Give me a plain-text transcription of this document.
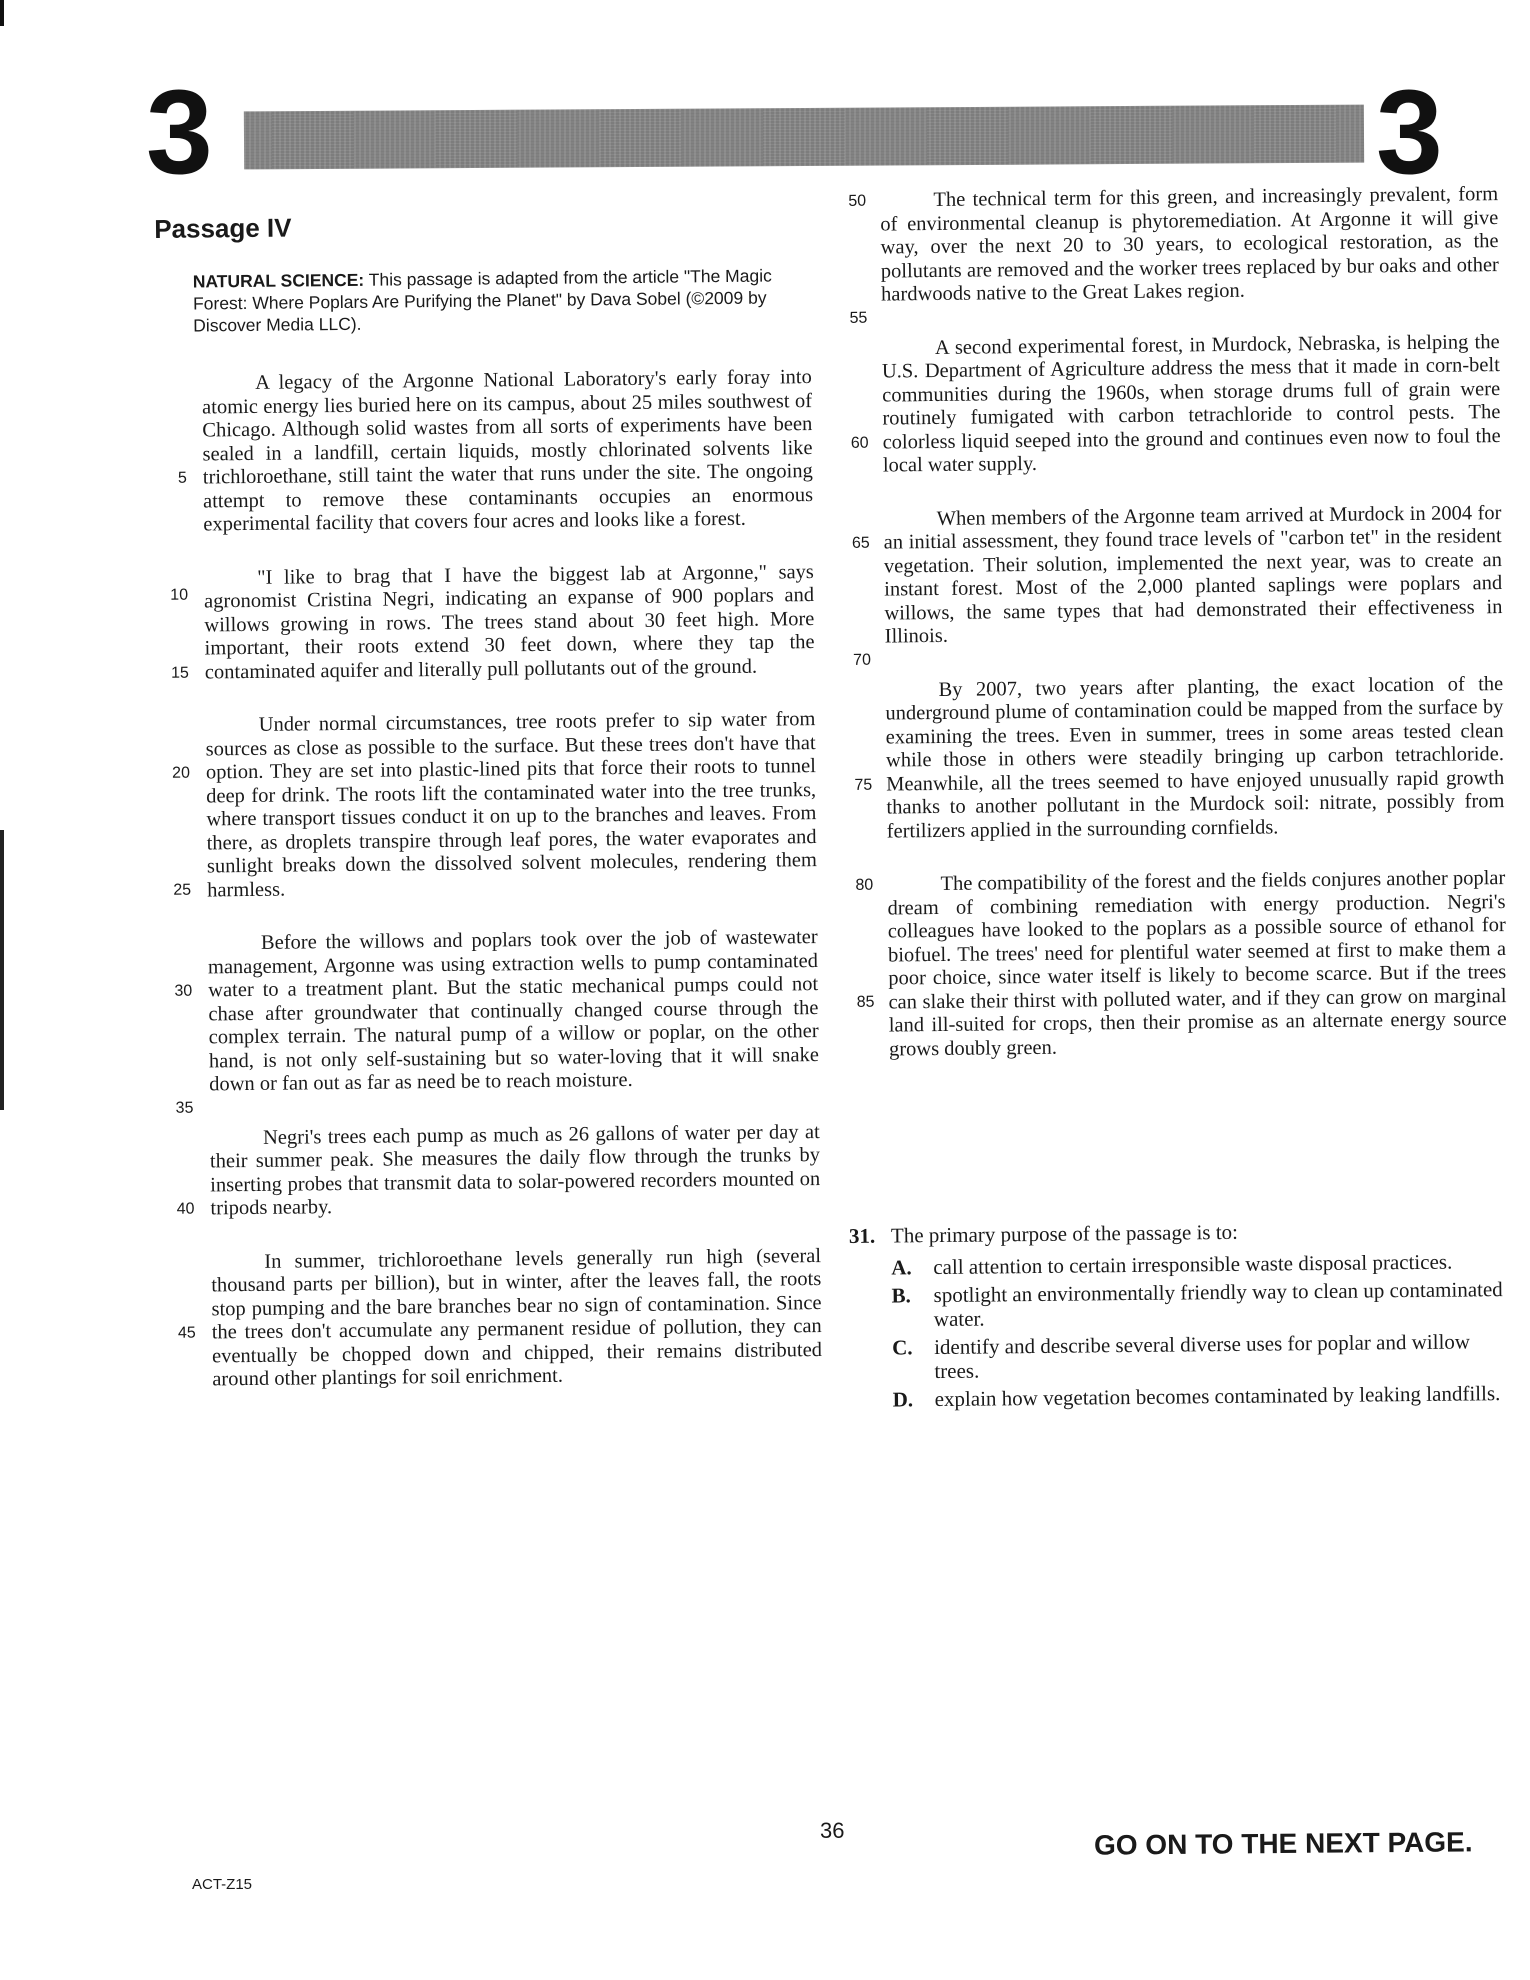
3	3
Passage IV
NATURAL SCIENCE: This passage is adapted from the article "The Magic Forest: Where Poplars Are Purifying the Planet" by Dava Sobel (©2009 by Discover Media LLC).
5
10
A legacy of the Argonne National Laboratory's early foray into atomic energy lies buried here on its campus, about 25 miles southwest of Chicago. Although solid wastes from all sorts of experiments have been sealed in a landfill, certain liquids, mostly chlorinated solvents like trichloroethane, still taint the water that runs under the site. The ongoing attempt to remove these contaminants occupies an enormous experimental facility that covers four acres and looks like a forest.
15
"I like to brag that I have the biggest lab at Argonne," says agronomist Cristina Negri, indicating an expanse of 900 poplars and willows growing in rows. The trees stand about 30 feet high. More important, their roots extend 30 feet down, where they tap the contaminated aquifer and literally pull pollutants out of the ground.
20
25
Under normal circumstances, tree roots prefer to sip water from sources as close as possible to the surface. But these trees don't have that option. They are set into plastic-lined pits that force their roots to tunnel deep for drink. The roots lift the contaminated water into the tree trunks, where transport tissues conduct it on up to the branches and leaves. From there, as droplets transpire through leaf pores, the water evaporates and sunlight breaks down the dissolved solvent molecules, rendering them harmless.
30
35
Before the willows and poplars took over the job of wastewater management, Argonne was using extraction wells to pump contaminated water to a treatment plant. But the static mechanical pumps could not chase after groundwater that continually changed course through the complex terrain. The natural pump of a willow or poplar, on the other hand, is not only self-sustaining but so water-loving that it will snake down or fan out as far as need be to reach moisture.
40
Negri's trees each pump as much as 26 gallons of water per day at their summer peak. She measures the daily flow through the trunks by inserting probes that transmit data to solar-powered recorders mounted on tripods nearby.
45
In summer, trichloroethane levels generally run high (several thousand parts per billion), but in winter, after the leaves fall, the roots stop pumping and the bare branches bear no sign of contamination. Since the trees don't accumulate any permanent residue of pollution, they can eventually be chopped down and chipped, their remains distributed around other plantings for soil enrichment.
50
55
The technical term for this green, and increasingly prevalent, form of environmental cleanup is phytoremediation. At Argonne it will give way, over the next 20 to 30 years, to ecological restoration, as the pollutants are removed and the worker trees replaced by bur oaks and other hardwoods native to the Great Lakes region.
60
A second experimental forest, in Murdock, Nebraska, is helping the U.S. Department of Agriculture address the mess that it made in corn-belt communities during the 1960s, when storage drums full of grain were routinely fumigated with carbon tetrachloride to control pests. The colorless liquid seeped into the ground and continues even now to foul the local water supply.
65
70
When members of the Argonne team arrived at Murdock in 2004 for an initial assessment, they found trace levels of "carbon tet" in the resident vegetation. Their solution, implemented the next year, was to create an instant forest. Most of the 2,000 planted saplings were poplars and willows, the same types that had demonstrated their effectiveness in Illinois.
75
By 2007, two years after planting, the exact location of the underground plume of contamination could be mapped from the surface by examining the trees. Even in summer, trees in some areas tested clean while those in others were steadily bringing up carbon tetrachloride. Meanwhile, all the trees seemed to have enjoyed unusually rapid growth thanks to another pollutant in the Murdock soil: nitrate, possibly from fertilizers applied in the surrounding cornfields.
80
85
The compatibility of the forest and the fields conjures another poplar dream of combining remediation with energy production. Negri's colleagues have looked to the poplars as a possible source of ethanol for biofuel. The trees' need for plentiful water seemed at first to make them a poor choice, since water itself is likely to become scarce. But if the trees can slake their thirst with polluted water, and if they can grow on marginal land ill-suited for crops, then their promise as an alternate energy source grows doubly green.
31. The primary purpose of the passage is to:
A.	call attention to certain irresponsible waste disposal practices.
B.	spotlight an environmentally friendly way to clean up contaminated water.
C.	identify and describe several diverse uses for poplar and willow trees.
D.	explain how vegetation becomes contaminated by leaking landfills.
36
ACT-Z15
GO ON TO THE NEXT PAGE.
